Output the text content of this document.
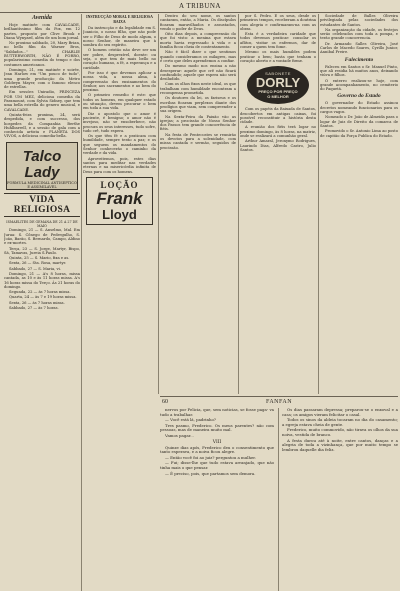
A TRIBUNA
Avenida

Hoje matinée com CAVALCADE, brilhantíssimo film da Fox, em 12 partes, proposto por Clive Brook e Diana Wynyard, além de um bom jornal.

No proximo sabbado, 20, Mary Brian, no bello film da Warner Bros, "Sablados..." CHARLIE BUTTERWORTH, NÃO É FORRO, popularissimo comedia do tempo e dos costumes americanos.

Domingo, 21, em matinée e soirée, Jean Harlow em "Um pouco de tudo", uma grande producção da Metro Goldwyn Mayer, com o famoso elenco de estrellas.

Em sessões Uniradio, PRINCEZA POR UM MEZ, deliciosa comedia da Paramount, com Sylvia Sidney, que tem uma bella estrella do genero musical, e CAVALCADE.

Quinta-feira proxima, 24, será despedida, e com successo, dos hospedes da Companhia Berthe Huhlbarrell, e a sessão de gala com a conhecida artista e PLANETA DOS VIVOS, a deliciosa comedia-bella.

Talco Lady
FORMULA MEDICINAL ANTISEPTICO E ASSIMILAVEL
VIDA RELIGIOSA
ISMAELITES DE GEMANA DE 21 A 27 DE MAIO

Domingo, 21 — S. Anselmo, Mal. Em Jurua: S. Cônego de Pedregulho, S. João, Barão, S. Bernardo, Campo, Aldino e ex-mortes.

Terça, 23 — S. Jorge, Martyr, Bispo, Sá, Tamavas, Jureia S.Paulo.

Quinta, 25 — S. Mario, fixa e as.

Sexta, 26 — Sta. Rosa, martyr.

Sabbado, 27 — S. Maria, vi.

Domingo, 21 — A's 8 horas, missa cantada, as 10 e às 11 horas missa. A's 16 horas missa do Terço. Às 21 horas do domingo.

Segunda, 22 — às 7 horas missa.

Quarta, 24 — às 7 e 19 horas missa.

Sexta, 26 — às 7 horas missa.

Sabbado, 27 — às 7 horas.

INSTRUCÇÃO MORAL E RELIGIOSA BAIXA

Da instrucção e da legalidade em S. Joanicio, o nosso filho, que não pode ser o Filho de Deus de modo algum, o nosso Senhor, de maneira que à sombra do seu espírito.

O homem cristão não deve ser um ser pobre, desprezível, doente: ou seja, o que tem de mais bello no coração humano, a fé, a esperança e a caridade.

Por isso é que devemos aplicar a nossa vida, a nossa alma, à compreensão dos ensinamentos do Senhor, aos sacramentos e ao bem do proximo.

O primeiro remedio é este: que todos os homens, em qualquer estado ou situação, devem procurar o bem em toda a sua vida.

Diz o apostolo que o amor é paciente, é benigno; o amor não é invejoso, não se ensoberbece, não procura os seus interesses, tudo sofre, tudo crê, tudo espera.

Os que têm fé e a praticam com humildade, sempre terão a paz; e os que seguem os mandamentos do Senhor conhecerão o caminho da verdade e da vida.

Aproveitemos, pois, estes dias santos para meditar nas verdades eternas e na misericórdia infinita de Deus para com os homens.

LOÇÃO
Frank
Lloyd

Dentro do seu nome, os santos cantaram, então, a Maria. Os discípulos ficaram maravilhados e assustados, vendo o poder de Deus.

Oito dias depois, a compreensão do que foi visto: a menina que estava morta havia regressado à vida e a família ficou cheia de contentamento.

Não é fácil dizer o que sentimos quando consideramos os milagres, mas é certo que deles aprendemos a confiar.

Do mesmo modo nos ensina a não desesperar: aquele que crê não ficará confundido; aquele que espera não será desiludido.

Com os olhos fixos neste ideal, os que trabalham com humildade encontram a recompensa prometida.

Os doutores da lei, os fariseus e os escribas ficaram perplexos diante dos prodígios que viam, sem compreender a sua origem.

Na Sexta-Feira da Paixão vão as igrejas; a procissão de Nosso Senhor dos Passos tem grande concorrência de fiéis.

Na festa de Pentecostes se reunirão os devotos para a solenidade, com missa cantada e sermão, seguidos de procissão.

por S. Pedro. E os seus, desde os primeiros tempos, receberam a doutrina com alegria e confirmaram-na com as obras.

Esta é a verdadeira caridade que todos devemos praticar: consolar os aflitos, visitar os enfermos, dar de comer a quem tem fome.

Mesmo os mais humildes podem praticar o bem; basta que tenham o coração aberto e a vontade firme.

SABONETE
DORLY
PREÇO POR PREÇO
O MELHOR

Com os papéis da Baixada de Santos, descobertos em antigas caixas, foi possível reconstituir a história desta cidade.

A reunião dos fiéis terá logar no proximo domingo, às 8 horas, na matriz, onde se realizará a comunhão geral.

Arthur Amaral, Jeronymo Rodrigues, Laurindo Dias, Alfredo Castro, Julio Santos.

Sociedade de Balles Oliveira privilegiada pelas sociedades dos estudantes de Santos.

Na organização da cidade, os festejos serão celebrados com toda a pompa, e terão grande concorrencia.

Dr. Armando Salles Oliveira, José Carlos de Macedo Soares, Cyrillo Junior, Annibal Freire.

Falecimento

Faleceu em Santos o Sr. Manuel Pinto, que ali residia há muitos anos, deixando viúva e filhos.

O enterro realizou-se hoje, com grande acompanhamento, no cemiterio do Paquetá.

Governo do Estado

O governador do Estado assinou decretos nomeando funcionarios para os cargos vagos.

Nomeado o Dr. João de Almeida para o logar de Juiz de Direito da comarca de Santos.

Promovido o Sr. Antonio Lima ao posto de capitão da Força Publica do Estado.

FANFAN
60

nervos por Felicia, que, sem noticias, se fosse paga- va tudo a trabalhar.

— Você está lá, padrinho?

Tres pasmo, Frederico. Os meus parentes? não com pessoas, mas de maneira muito mal.

Vamos pagar...

VIII

Quinze dias após, Frederico deu o consentimento que tanto esperava, e a noiva ficou alegre.

— Então você foi ao juiz? perguntou a mulher.

— Fui; disse-lhe que tudo estava arranjado, que não tinha mais o que pensar.

— É preciso, pois, que partamos sem demora.

Os dias passaram depressa; preparou-se o enxoval e a casa; os amigos vieram felicitar o casal.

Todos os sinos da aldeia tocaram no dia do casamento; a egreja estava cheia de gente.

Frederico, muito commovido, não tirava os olhos da sua noiva, vestida de branco.

A festa durou até à noite, entre cantos, danças e a alegria de toda a vizinhança, que por muito tempo se lembrou daquelle dia feliz.
